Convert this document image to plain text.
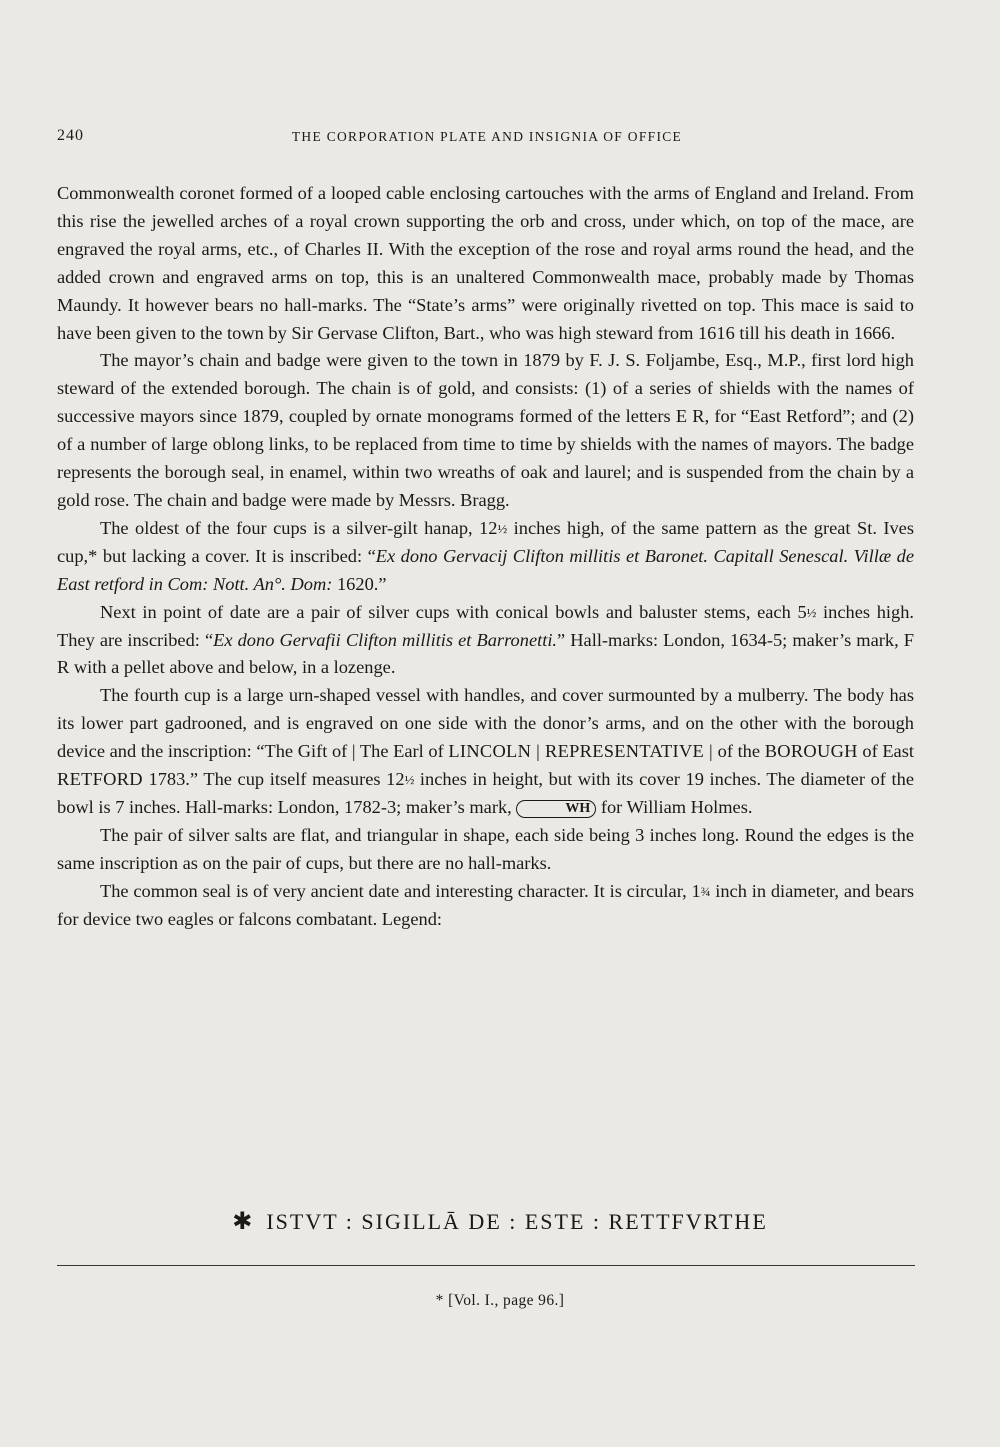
240	THE CORPORATION PLATE AND INSIGNIA OF OFFICE

Commonwealth coronet formed of a looped cable enclosing cartouches with the arms of England and Ireland. From this rise the jewelled arches of a royal crown supporting the orb and cross, under which, on top of the mace, are engraved the royal arms, etc., of Charles II. With the exception of the rose and royal arms round the head, and the added crown and engraved arms on top, this is an unaltered Commonwealth mace, probably made by Thomas Maundy. It however bears no hall-marks. The “State’s arms” were originally rivetted on top. This mace is said to have been given to the town by Sir Gervase Clifton, Bart., who was high steward from 1616 till his death in 1666.

The mayor’s chain and badge were given to the town in 1879 by F. J. S. Foljambe, Esq., M.P., first lord high steward of the extended borough. The chain is of gold, and consists: (1) of a series of shields with the names of successive mayors since 1879, coupled by ornate monograms formed of the letters E R, for “East Retford”; and (2) of a number of large oblong links, to be replaced from time to time by shields with the names of mayors. The badge represents the borough seal, in enamel, within two wreaths of oak and laurel; and is suspended from the chain by a gold rose. The chain and badge were made by Messrs. Bragg.

The oldest of the four cups is a silver-gilt hanap, 12½ inches high, of the same pattern as the great St. Ives cup,* but lacking a cover. It is inscribed: “Ex dono Gervacij Clifton millitis et Baronet. Capitall Senescal. Villæ de East retford in Com: Nott. An°. Dom: 1620.”

Next in point of date are a pair of silver cups with conical bowls and baluster stems, each 5½ inches high. They are inscribed: “Ex dono Gervafii Clifton millitis et Barronetti.” Hall-marks: London, 1634-5; maker’s mark, F R with a pellet above and below, in a lozenge.

The fourth cup is a large urn-shaped vessel with handles, and cover surmounted by a mulberry. The body has its lower part gadrooned, and is engraved on one side with the donor’s arms, and on the other with the borough device and the inscription: “The Gift of | The Earl of LINCOLN | REPRESENTATIVE | of the BOROUGH of East RETFORD 1783.” The cup itself measures 12½ inches in height, but with its cover 19 inches. The diameter of the bowl is 7 inches. Hall-marks: London, 1782-3; maker’s mark,	WH for William Holmes.

The pair of silver salts are flat, and triangular in shape, each side being 3 inches long. Round the edges is the same inscription as on the pair of cups, but there are no hall-marks.

The common seal is of very ancient date and interesting character. It is circular, 1¾ inch in diameter, and bears for device two eagles or falcons combatant. Legend:

✱ ISTVT : SIGILLĀ DE : ESTE : RETTFVRTHE
* [Vol. I., page 96.]
